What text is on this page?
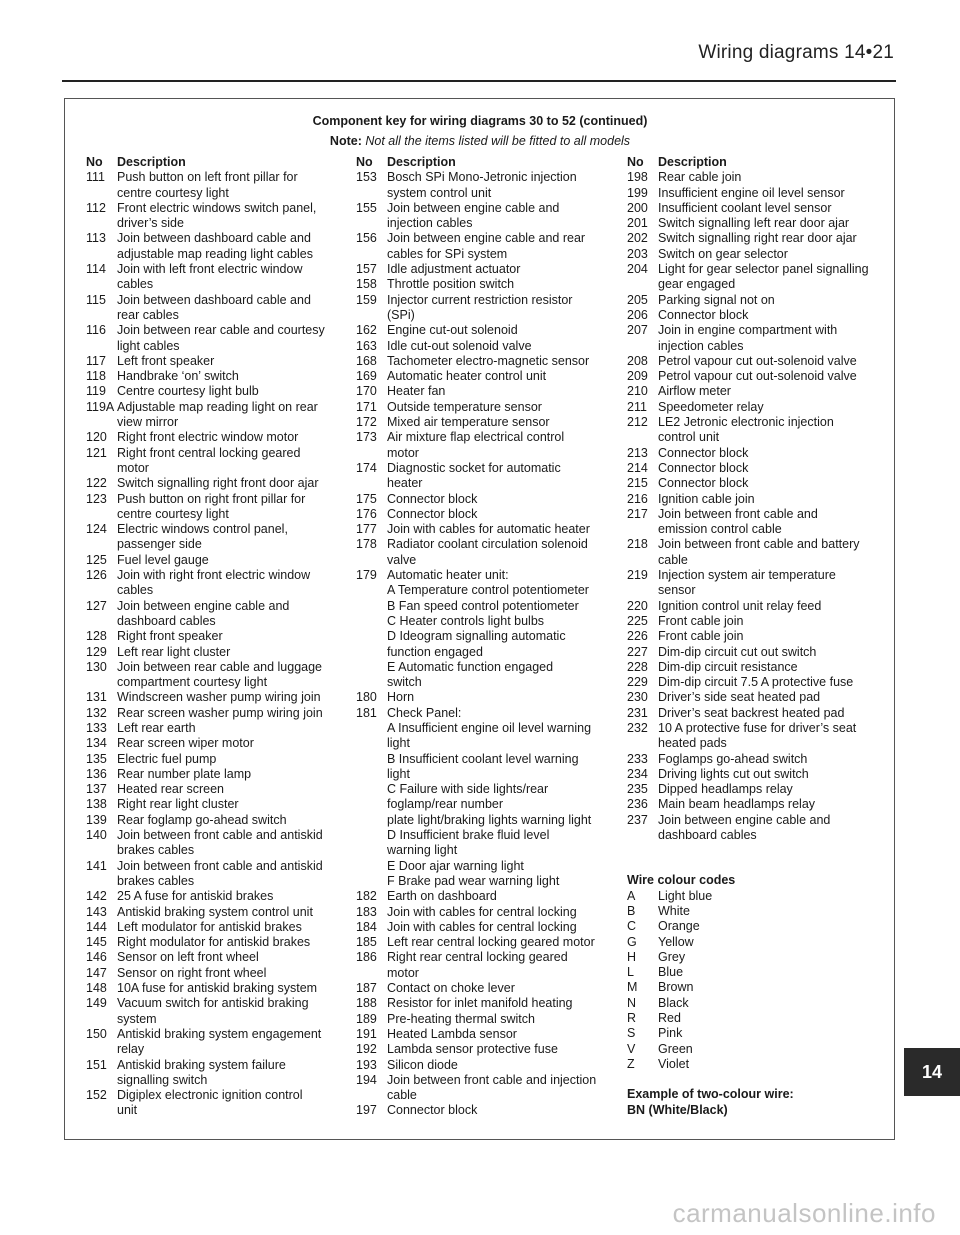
Wiring diagrams 14•21
Component key for wiring diagrams 30 to 52 (continued)
Note: Not all the items listed will be fitted to all models
No	Description
111 Push button on left front pillar for
centre courtesy light
112 Front electric windows switch panel,
driver’s side
113 Join between dashboard cable and
adjustable map reading light cables
114 Join with left front electric window
cables
115 Join between dashboard cable and
rear cables
116 Join between rear cable and courtesy
light cables
117 Left front speaker
118 Handbrake ‘on’ switch
119 Centre courtesy light bulb
119A Adjustable map reading light on rear
view mirror
120 Right front electric window motor
121 Right front central locking geared
motor
122 Switch signalling right front door ajar
123 Push button on right front pillar for
centre courtesy light
124 Electric windows control panel,
passenger side
125 Fuel level gauge
126 Join with right front electric window
cables
127 Join between engine cable and
dashboard cables
128 Right front speaker
129 Left rear light cluster
130 Join between rear cable and luggage
compartment courtesy light
131 Windscreen washer pump wiring join
132 Rear screen washer pump wiring join
133 Left rear earth
134 Rear screen wiper motor
135 Electric fuel pump
136 Rear number plate lamp
137 Heated rear screen
138 Right rear light cluster
139 Rear foglamp go-ahead switch
140 Join between front cable and antiskid
brakes cables
141 Join between front cable and antiskid
brakes cables
142 25 A fuse for antiskid brakes
143 Antiskid braking system control unit
144 Left modulator for antiskid brakes
145 Right modulator for antiskid brakes
146 Sensor on left front wheel
147 Sensor on right front wheel
148 10A fuse for antiskid braking system
149 Vacuum switch for antiskid braking
system
150 Antiskid braking system engagement
relay
151 Antiskid braking system failure
signalling switch
152 Digiplex electronic ignition control
unit
No	Description
153 Bosch SPi Mono-Jetronic injection
system control unit
155 Join between engine cable and
injection cables
156 Join between engine cable and rear
cables for SPi system
157 Idle adjustment actuator
158 Throttle position switch
159 Injector current restriction resistor
(SPi)
162 Engine cut-out solenoid
163 Idle cut-out solenoid valve
168 Tachometer electro-magnetic sensor
169 Automatic heater control unit
170 Heater fan
171 Outside temperature sensor
172 Mixed air temperature sensor
173 Air mixture flap electrical control
motor
174 Diagnostic socket for automatic
heater
175 Connector block
176 Connector block
177 Join with cables for automatic heater
178 Radiator coolant circulation solenoid
valve
179 Automatic heater unit:
A Temperature control potentiometer
B Fan speed control potentiometer
C Heater controls light bulbs
D Ideogram signalling automatic
function engaged
E Automatic function engaged
switch
180 Horn
181 Check Panel:
A Insufficient engine oil level warning
light
B Insufficient coolant level warning
light
C Failure with side lights/rear
foglamp/rear number
plate light/braking lights warning light
D Insufficient brake fluid level
warning light
E Door ajar warning light
F Brake pad wear warning light
182 Earth on dashboard
183 Join with cables for central locking
184 Join with cables for central locking
185 Left rear central locking geared motor
186 Right rear central locking geared
motor
187 Contact on choke lever
188 Resistor for inlet manifold heating
189 Pre-heating thermal switch
191 Heated Lambda sensor
192 Lambda sensor protective fuse
193 Silicon diode
194 Join between front cable and injection
cable
197 Connector block
No	Description
198 Rear cable join
199 Insufficient engine oil level sensor
200 Insufficient coolant level sensor
201 Switch signalling left rear door ajar
202 Switch signalling right rear door ajar
203 Switch on gear selector
204 Light for gear selector panel signalling
gear engaged
205 Parking signal not on
206 Connector block
207 Join in engine compartment with
injection cables
208 Petrol vapour cut out-solenoid valve
209 Petrol vapour cut out-solenoid valve
210 Airflow meter
211 Speedometer relay
212 LE2 Jetronic electronic injection
control unit
213 Connector block
214 Connector block
215 Connector block
216 Ignition cable join
217 Join between front cable and
emission control cable
218 Join between front cable and battery
cable
219 Injection system air temperature
sensor
220 Ignition control unit relay feed
225 Front cable join
226 Front cable join
227 Dim-dip circuit cut out switch
228 Dim-dip circuit resistance
229 Dim-dip circuit 7.5 A protective fuse
230 Driver’s side seat heated pad
231 Driver’s seat backrest heated pad
232 10 A protective fuse for driver’s seat
heated pads
233 Foglamps go-ahead switch
234 Driving lights cut out switch
235 Dipped headlamps relay
236 Main beam headlamps relay
237 Join between engine cable and
dashboard cables
Wire colour codes
A	Light blue
B	White
C	Orange
G	Yellow
H	Grey
L	Blue
M	Brown
N	Black
R	Red
S	Pink
V	Green
Z	Violet
Example of two-colour wire:
BN (White/Black)
14
carmanualsonline.info
